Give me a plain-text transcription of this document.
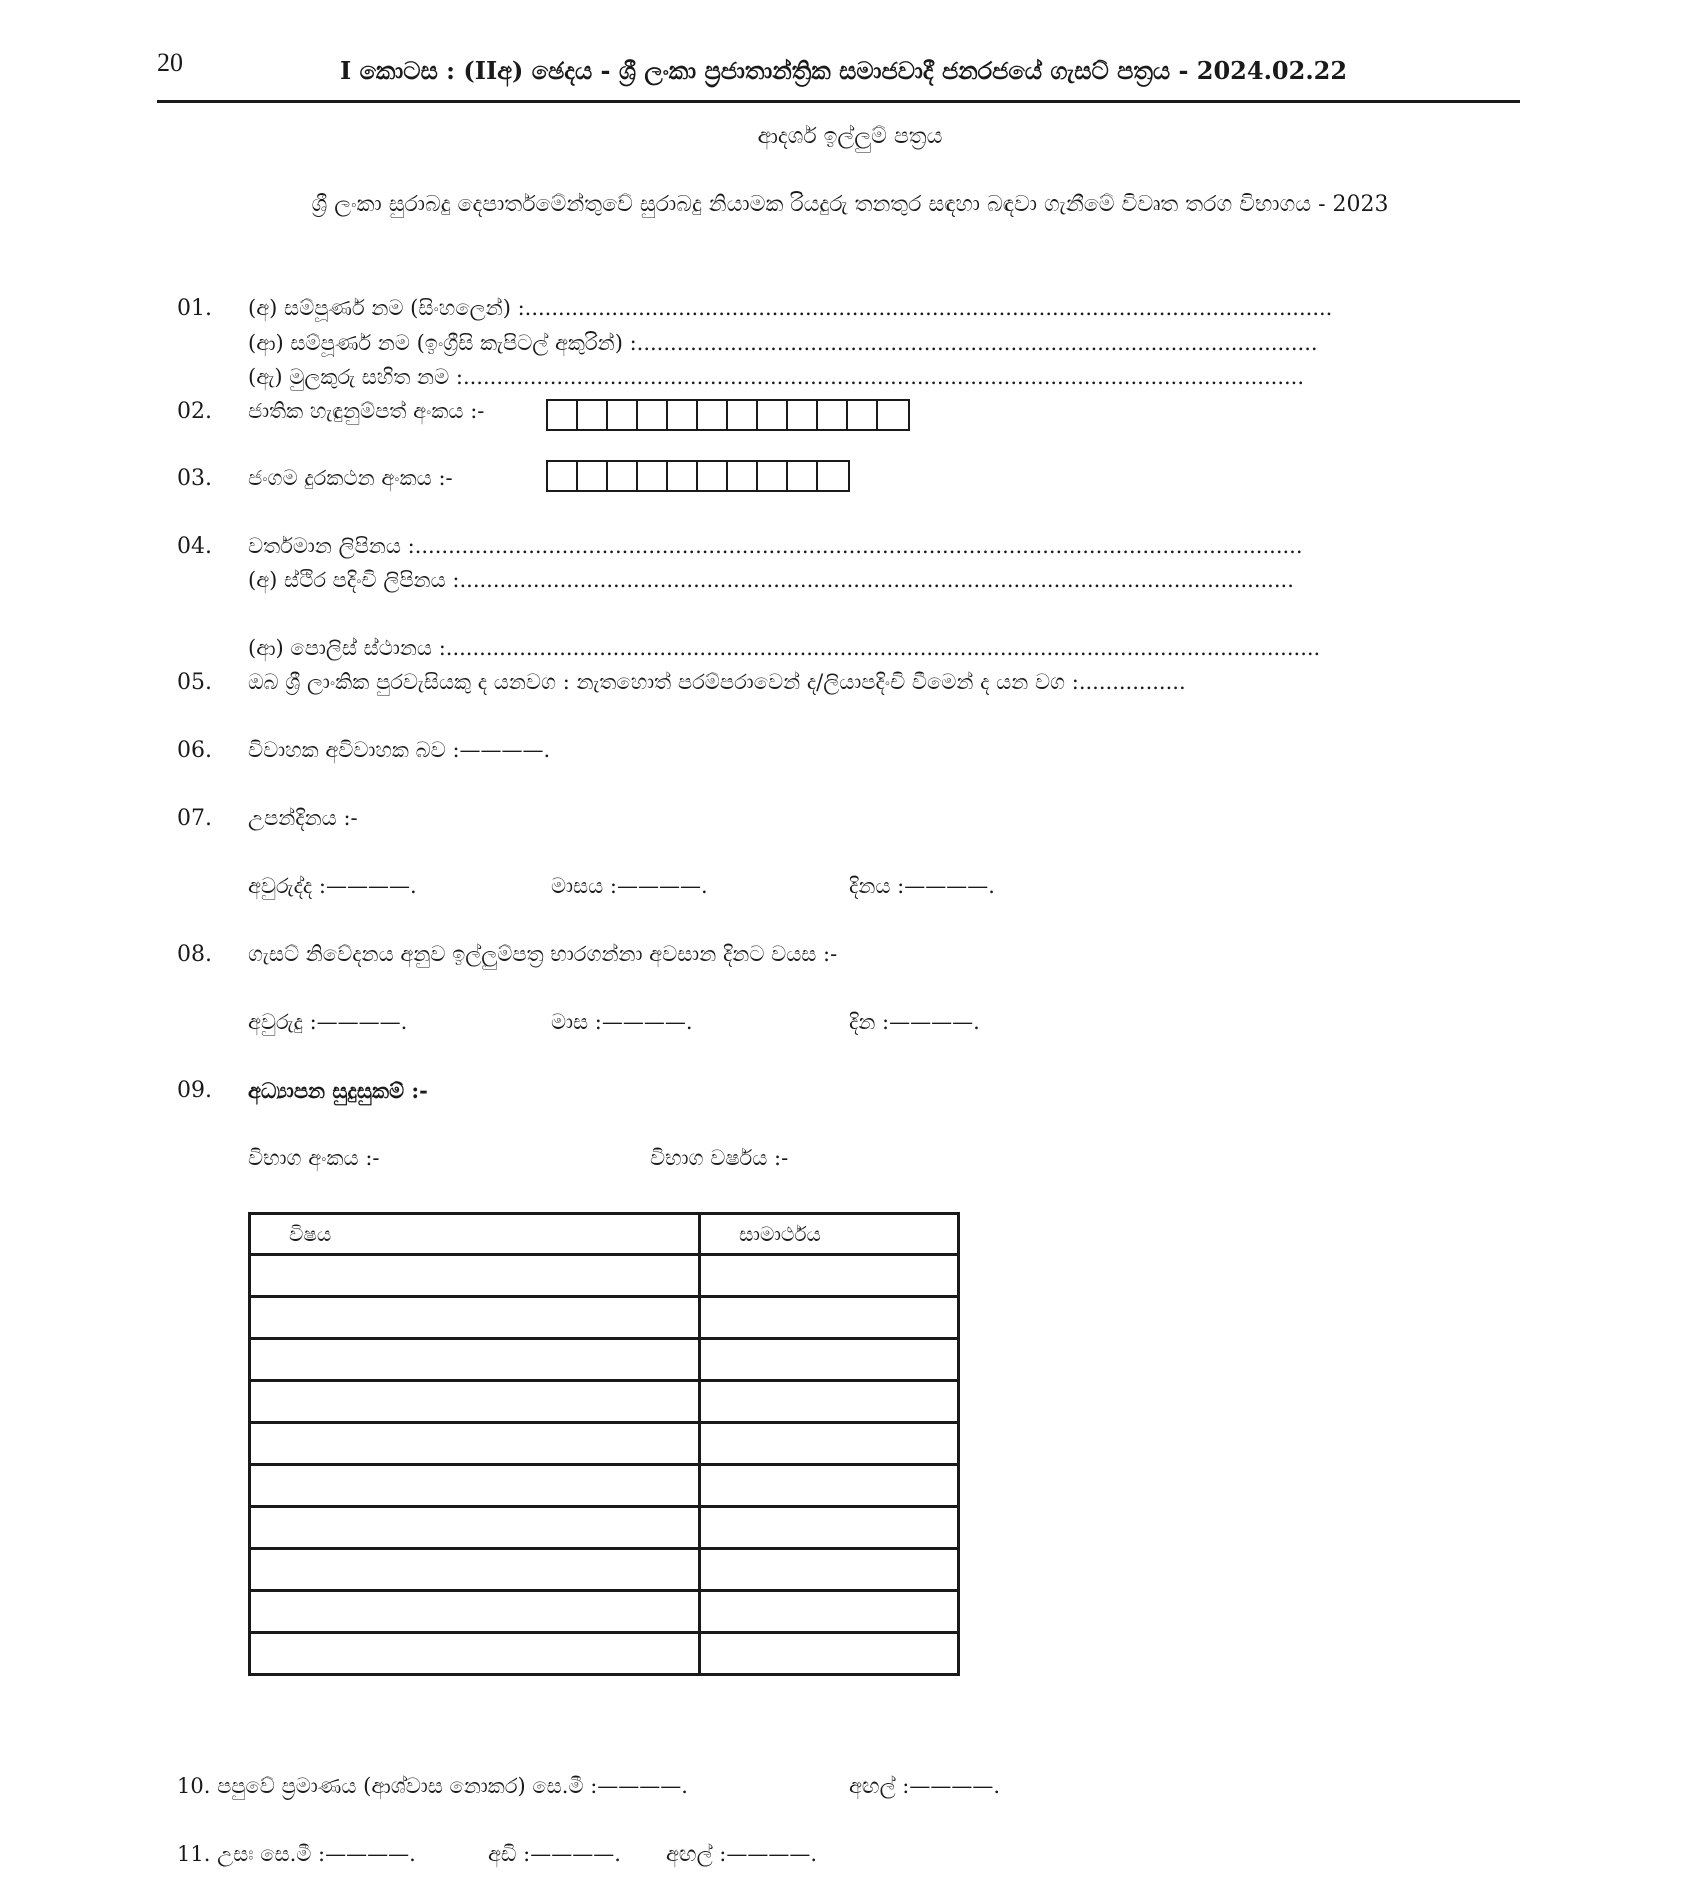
20	I කොටස : (IIඅ) ඡෙදය - ශ්‍රී ලංකා ප්‍රජාතාන්ත්‍රික සමාජවාදී ජනරජයේ ගැසට් පත්‍රය - 2024.02.22
ආදර්ශ ඉල්ලුම් පත්‍රය
ශ්‍රී ලංකා සුරාබදු දෙපාර්තමේන්තුවේ සුරාබදු නියාමක රියදුරු තනතුර සඳහා බඳවා ගැනීමේ විවෘත තරග විභාගය - 2023
01. (අ) සම්පූර්ණ නම (සිංහලෙන්) :.........................................................................................................................
(ආ) සම්පූර්ණ නම (ඉංග්‍රීසි කැපිටල් අකුරින්) :......................................................................................................
(ඇ) මුලකුරු සහිත නම :..............................................................................................................................
02. ජාතික හැඳුනුම්පත් අංකය :-
03. ජංගම දුරකථන අංකය :-
04. වර්තමාන ලිපිනය :.....................................................................................................................................
(අ) ස්ථිර පදිංචි ලිපිනය :.............................................................................................................................
(ආ) පොලිස් ස්ථානය :...................................................................................................................................
05. ඔබ ශ්‍රී ලාංකික පුරවැසියකු ද යනවග : නැතහොත් පරම්පරාවෙන් ද/ලියාපදිංචි වීමෙන් ද යන වග :................
06. විවාහක අවිවාහක බව :————.
07. උපන්දිනය :-
අවුරුද්ද :————.	මාසය :————.	දිනය :————.
08. ගැසට් නිවේදනය අනුව ඉල්ලුම්පත්‍ර භාරගන්නා අවසාන දිනට වයස :-
අවුරුදු :————.	මාස :————.	දින :————.
09. අධ්‍යාපන සුදුසුකම් :-
විභාග අංකය :-	විභාග වර්ෂය :-
විෂය	සාමාර්ථය

10. පපුවේ ප්‍රමාණය (ආශ්වාස නොකර) සෙ.මී :————.	අඟල් :————.
11. උසඃ සෙ.මී :————.	අඩි :————. අඟල් :————.
